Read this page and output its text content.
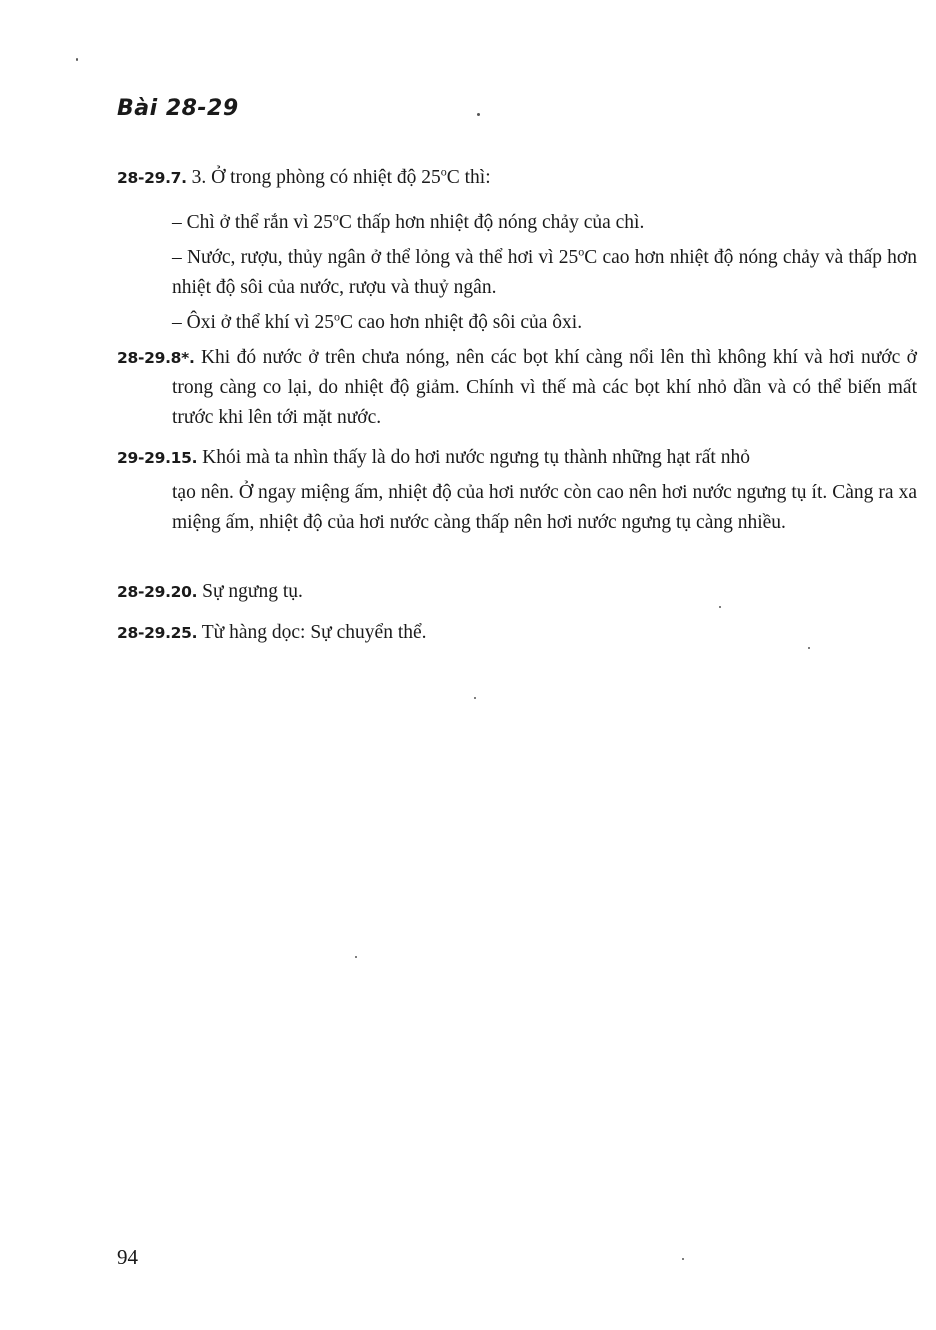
Bài 28-29
28-29.7. 3. Ở trong phòng có nhiệt độ 25$^o$C thì:
– Chì ở thể rắn vì 25$^o$C thấp hơn nhiệt độ nóng chảy của chì.
– Nước, rượu, thủy ngân ở thể lỏng và thể hơi vì 25$^o$C cao hơn nhiệt độ nóng chảy và thấp hơn nhiệt độ sôi của nước, rượu và thuỷ ngân.
– Ôxi ở thể khí vì 25$^o$C cao hơn nhiệt độ sôi của ôxi.
28-29.8*. Khi đó nước ở trên chưa nóng, nên các bọt khí càng nổi lên thì không khí và hơi nước ở trong càng co lại, do nhiệt độ giảm. Chính vì thế mà các bọt khí nhỏ dần và có thể biến mất trước khi lên tới mặt nước.
29-29.15. Khói mà ta nhìn thấy là do hơi nước ngưng tụ thành những hạt rất nhỏ
tạo nên. Ở ngay miệng ấm, nhiệt độ của hơi nước còn cao nên hơi nước ngưng tụ ít. Càng ra xa miệng ấm, nhiệt độ của hơi nước càng thấp nên hơi nước ngưng tụ càng nhiều.
28-29.20. Sự ngưng tụ.
28-29.25. Từ hàng dọc: Sự chuyển thể.
94
